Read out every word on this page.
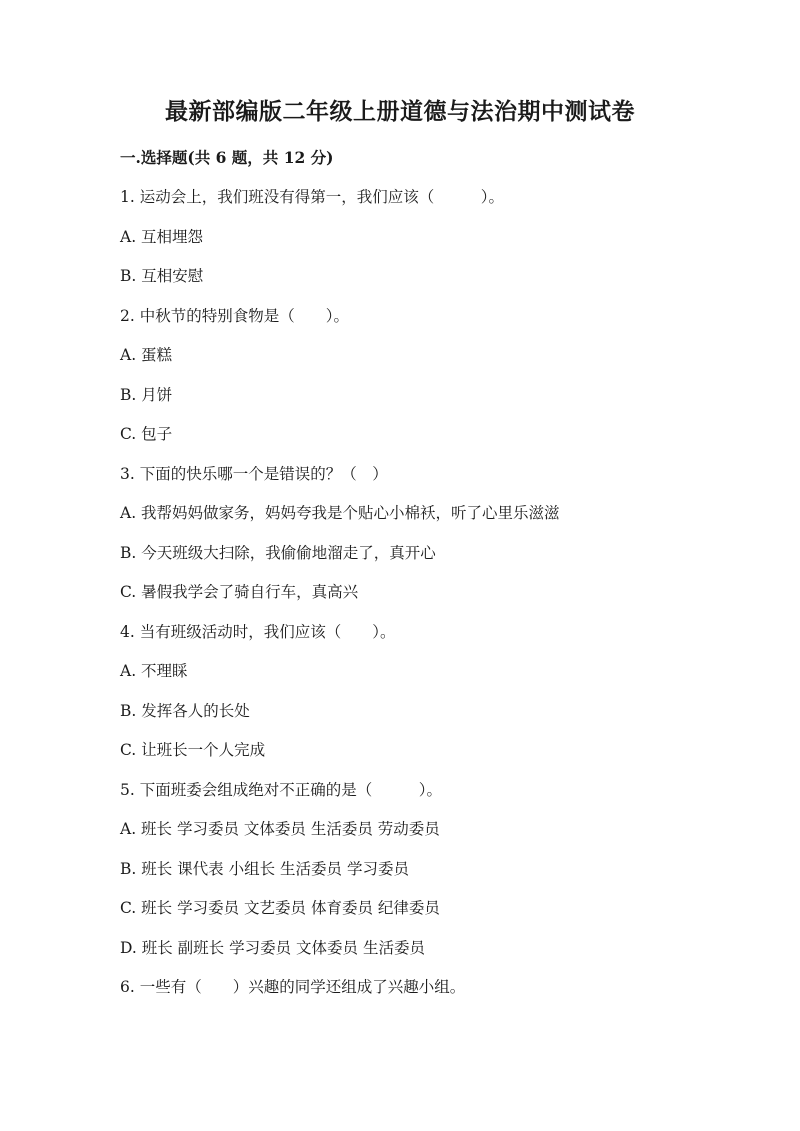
最新部编版二年级上册道德与法治期中测试卷
一.选择题(共 6 题，共 12 分)
1. 运动会上，我们班没有得第一，我们应该（　　　）。
A. 互相埋怨
B. 互相安慰
2. 中秋节的特别食物是（　　）。
A. 蛋糕
B. 月饼
C. 包子
3. 下面的快乐哪一个是错误的？（　）
A. 我帮妈妈做家务，妈妈夸我是个贴心小棉袄，听了心里乐滋滋
B. 今天班级大扫除，我偷偷地溜走了，真开心
C. 暑假我学会了骑自行车，真高兴
4. 当有班级活动时，我们应该（　　）。
A. 不理睬
B. 发挥各人的长处
C. 让班长一个人完成
5. 下面班委会组成绝对不正确的是（　　　）。
A. 班长 学习委员 文体委员 生活委员 劳动委员
B. 班长 课代表 小组长 生活委员 学习委员
C. 班长 学习委员 文艺委员 体育委员 纪律委员
D. 班长 副班长 学习委员 文体委员 生活委员
6. 一些有（　　）兴趣的同学还组成了兴趣小组。
